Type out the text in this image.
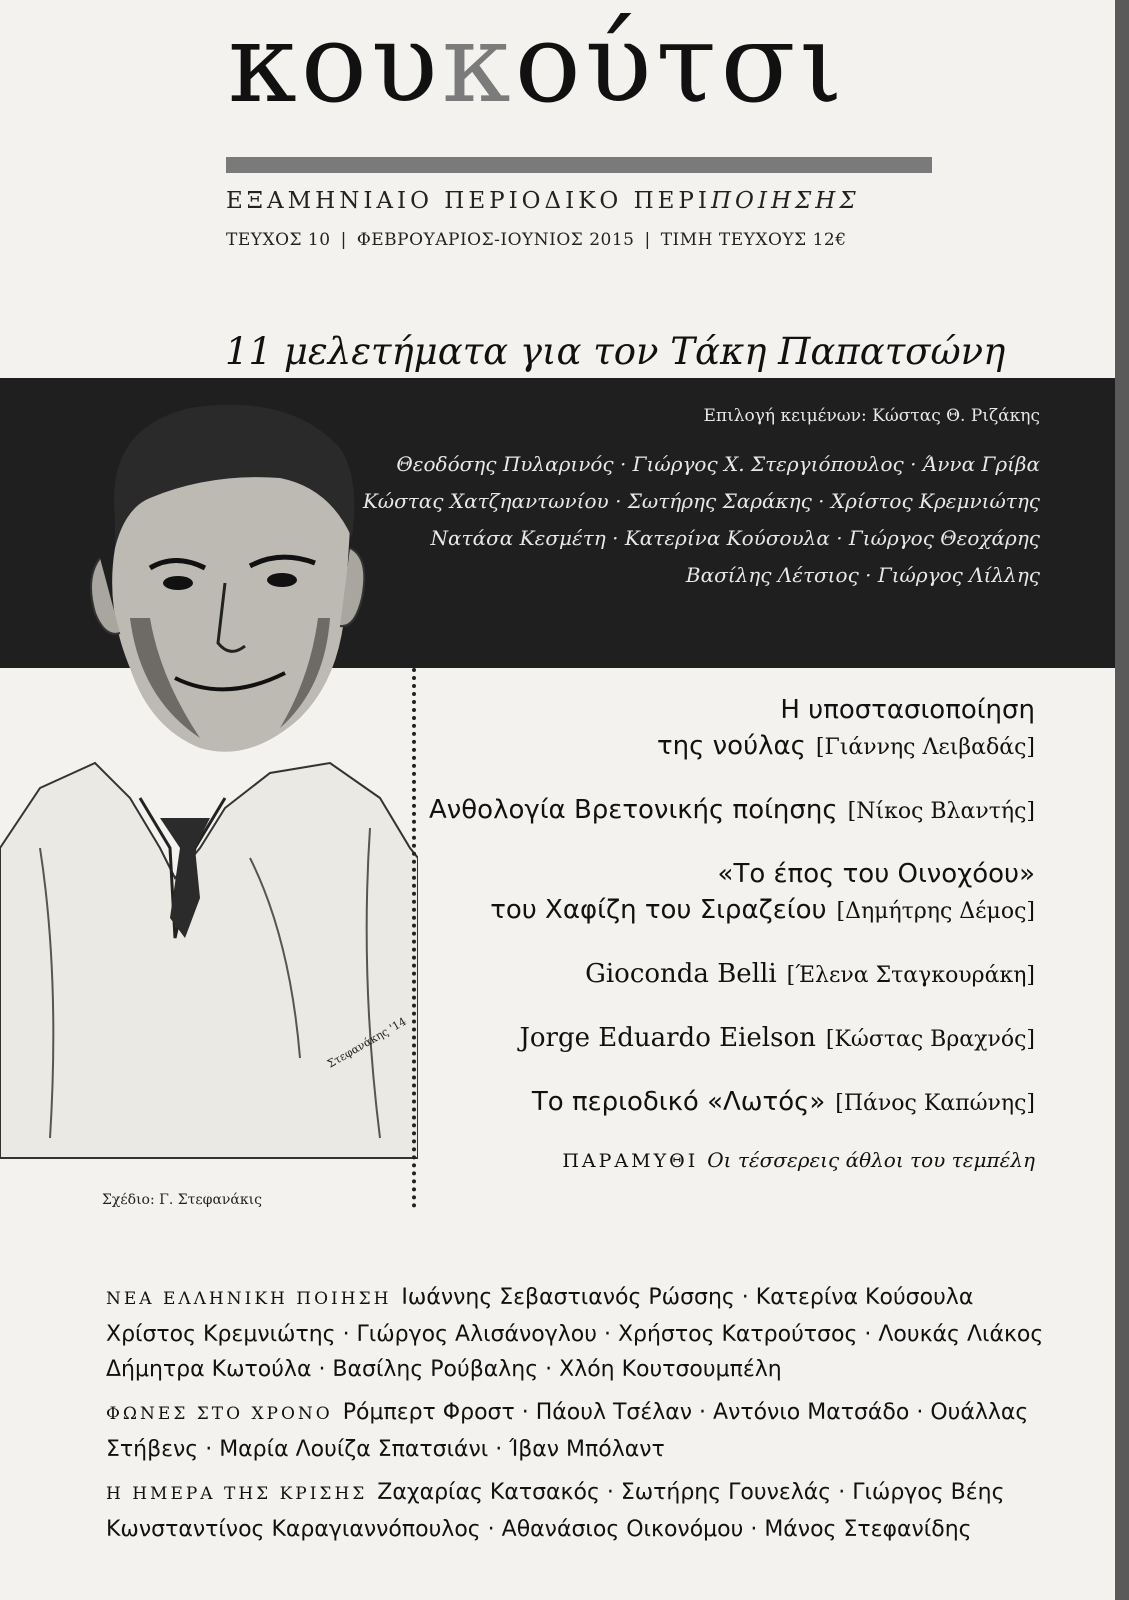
κουκούτσι
ΕΞΑΜΗΝΙΑΙΟ ΠΕΡΙΟΔΙΚΟ ΠΕΡΙΠΟΙΗΣΗΣ
ΤΕΥΧΟΣ 10 | ΦΕΒΡΟΥΑΡΙΟΣ-ΙΟΥΝΙΟΣ 2015 | ΤΙΜΗ ΤΕΥΧΟΥΣ 12€
11 μελετήματα για τον Τάκη Παπατσώνη
Στεφανάκης '14
Επιλογή κειμένων: Κώστας Θ. Ριζάκης
Θεοδόσης Πυλαρινός · Γιώργος Χ. Στεργιόπουλος · Άννα Γρίβα
Κώστας Χατζηαντωνίου · Σωτήρης Σαράκης · Χρίστος Κρεμνιώτης
Νατάσα Κεσμέτη · Κατερίνα Κούσουλα · Γιώργος Θεοχάρης
Βασίλης Λέτσιος · Γιώργος Λίλλης
Η υποστασιοποίηση
της νούλας [Γιάννης Λειβαδάς]
Ανθολογία Βρετονικής ποίησης [Νίκος Βλαντής]
«Το έπος του Οινοχόου»
του Χαφίζη του Σιραζείου [Δημήτρης Δέμος]
Gioconda Belli [Έλενα Σταγκουράκη]
Jorge Eduardo Eielson [Κώστας Βραχνός]
Το περιοδικό «Λωτός» [Πάνος Καπώνης]
ΠΑΡΑΜΥΘΙ Οι τέσσερεις άθλοι του τεμπέλη
Σχέδιο: Γ. Στεφανάκις
ΝΕΑ ΕΛΛΗΝΙΚΗ ΠΟΙΗΣΗ Ιωάννης Σεβαστιανός Ρώσσης · Κατερίνα Κούσουλα
Χρίστος Κρεμνιώτης · Γιώργος Αλισάνογλου · Χρήστος Κατρούτσος · Λουκάς Λιάκος
Δήμητρα Κωτούλα · Βασίλης Ρούβαλης · Χλόη Κουτσουμπέλη
ΦΩΝΕΣ ΣΤΟ ΧΡΟΝΟ Ρόμπερτ Φροστ · Πάουλ Τσέλαν · Αντόνιο Ματσάδο · Ουάλλας
Στήβενς · Μαρία Λουίζα Σπατσιάνι · Ίβαν Μπόλαντ
Η ΗΜΕΡΑ ΤΗΣ ΚΡΙΣΗΣ Ζαχαρίας Κατσακός · Σωτήρης Γουνελάς · Γιώργος Βέης
Κωνσταντίνος Καραγιαννόπουλος · Αθανάσιος Οικονόμου · Μάνος Στεφανίδης
